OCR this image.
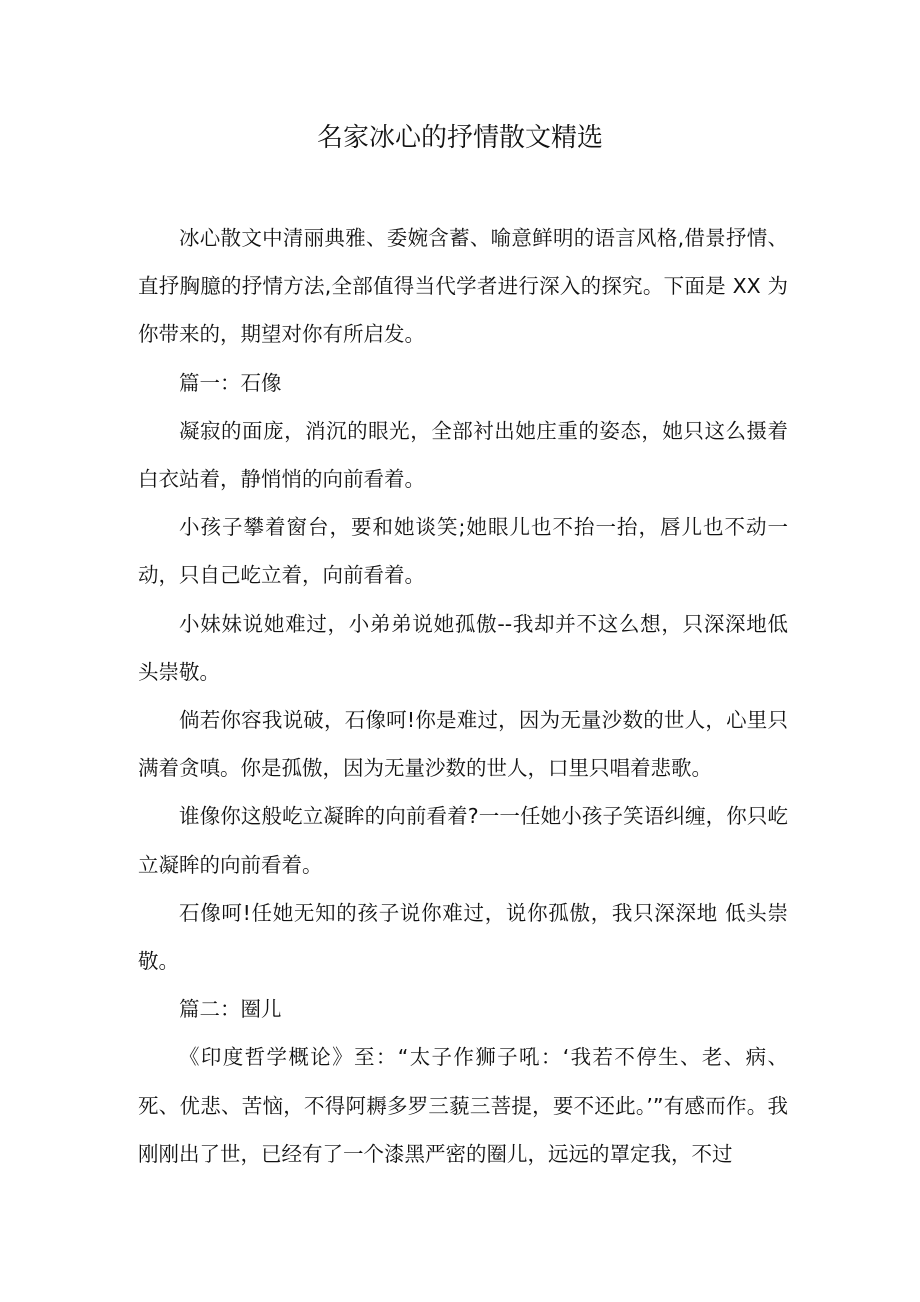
名家冰心的抒情散文精选

冰心散文中清丽典雅、委婉含蓄、喻意鲜明的语言风格,借景抒情、直抒胸臆的抒情方法,全部值得当代学者进行深入的探究。下面是 XX 为你带来的，期望对你有所启发。

篇一：石像

凝寂的面庞，消沉的眼光，全部衬出她庄重的姿态，她只这么摄着白衣站着，静悄悄的向前看着。

小孩子攀着窗台，要和她谈笑;她眼儿也不抬一抬，唇儿也不动一动，只自己屹立着，向前看着。

小妹妹说她难过，小弟弟说她孤傲--我却并不这么想，只深深地低头崇敬。

倘若你容我说破，石像呵!你是难过，因为无量沙数的世人，心里只满着贪嗔。你是孤傲，因为无量沙数的世人，口里只唱着悲歌。

谁像你这般屹立凝眸的向前看着?一一任她小孩子笑语纠缠，你只屹立凝眸的向前看着。

石像呵!任她无知的孩子说你难过，说你孤傲，我只深深地 低头崇敬。

篇二：圈儿

《印度哲学概论》至：“太子作狮子吼：‘我若不停生、老、病、死、优悲、苦恼，不得阿耨多罗三藐三菩提，要不还此。’”有感而作。我刚刚出了世，已经有了一个漆黑严密的圈儿，远远的罩定我，不过
